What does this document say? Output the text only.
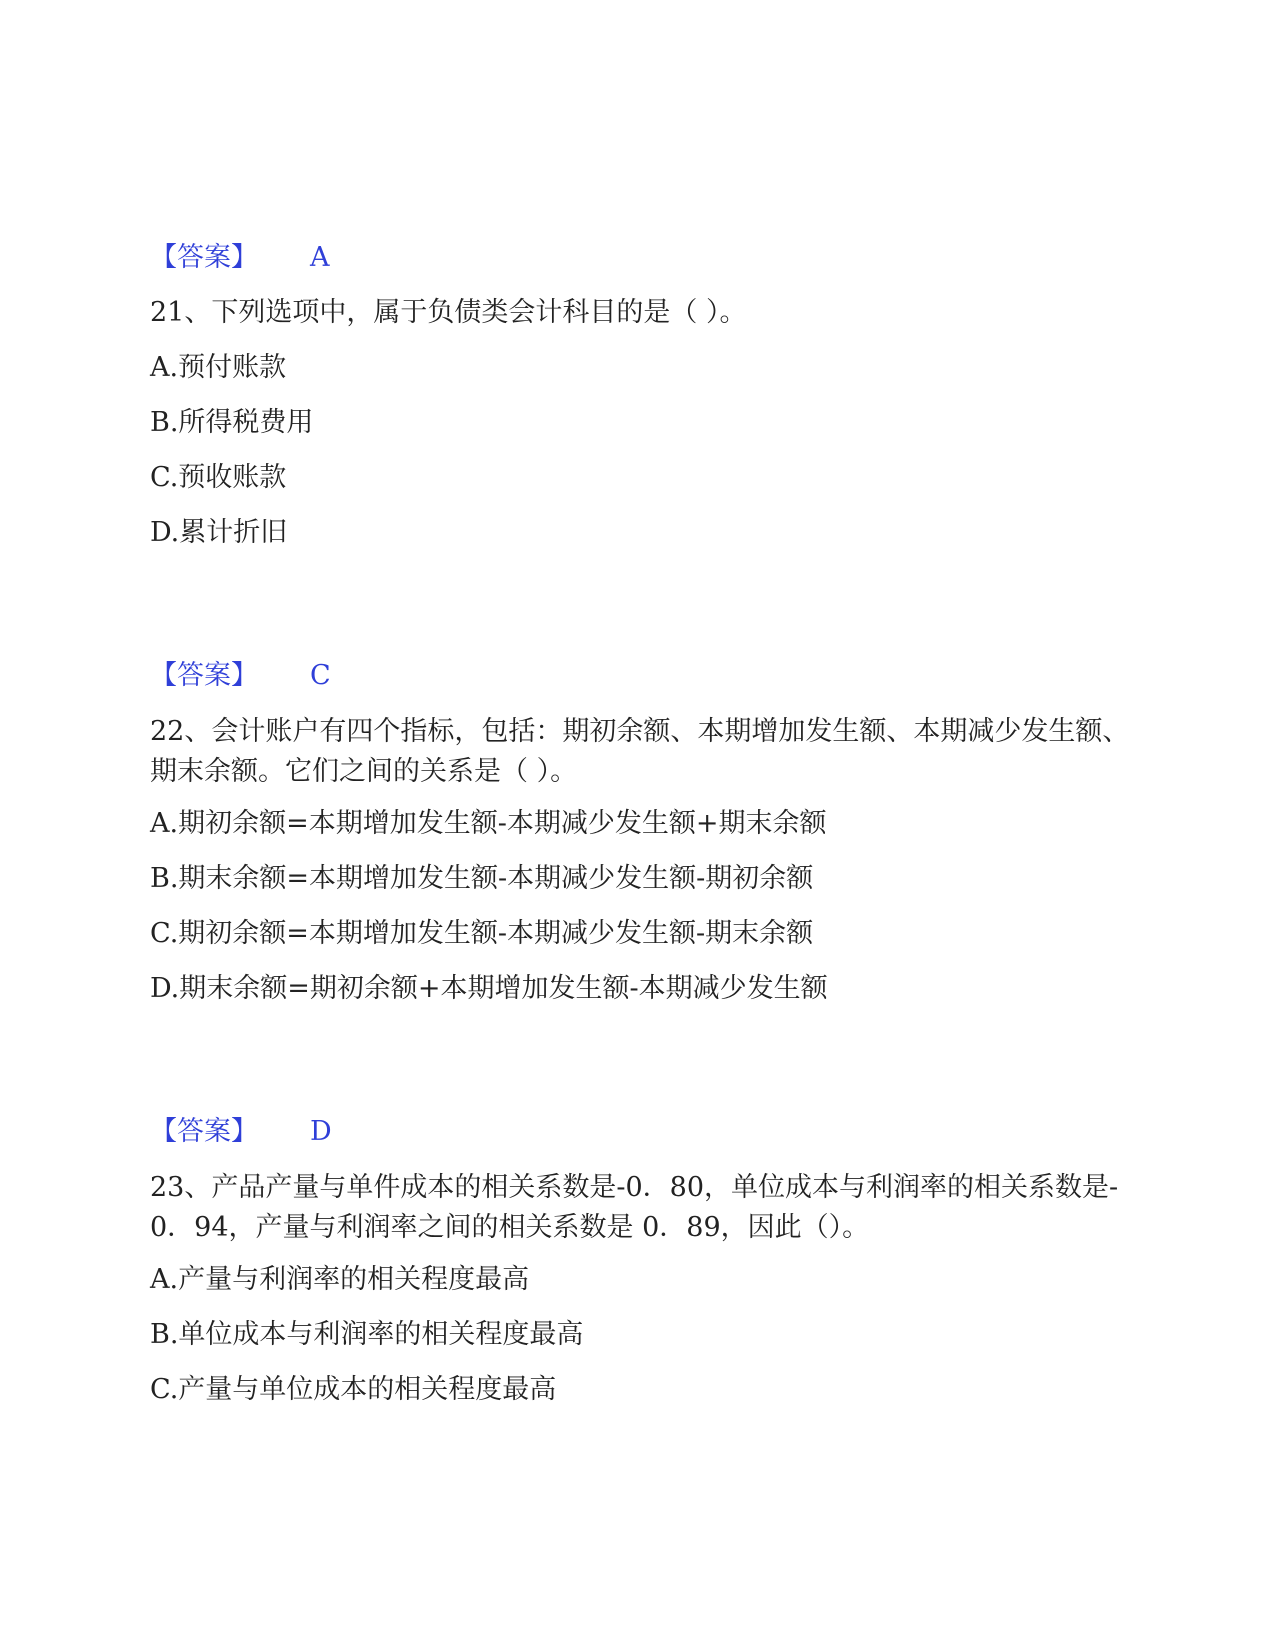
【答案】 A
21、下列选项中，属于负债类会计科目的是（ ）。
A.预付账款
B.所得税费用
C.预收账款
D.累计折旧
【答案】 C
22、会计账户有四个指标，包括：期初余额、本期增加发生额、本期减少发生额、期末余额。它们之间的关系是（ ）。
A.期初余额=本期增加发生额-本期减少发生额+期末余额
B.期末余额=本期增加发生额-本期减少发生额-期初余额
C.期初余额=本期增加发生额-本期减少发生额-期末余额
D.期末余额=期初余额+本期增加发生额-本期减少发生额
【答案】 D
23、产品产量与单件成本的相关系数是-0．80，单位成本与利润率的相关系数是-0．94，产量与利润率之间的相关系数是 0．89，因此（）。
A.产量与利润率的相关程度最高
B.单位成本与利润率的相关程度最高
C.产量与单位成本的相关程度最高
